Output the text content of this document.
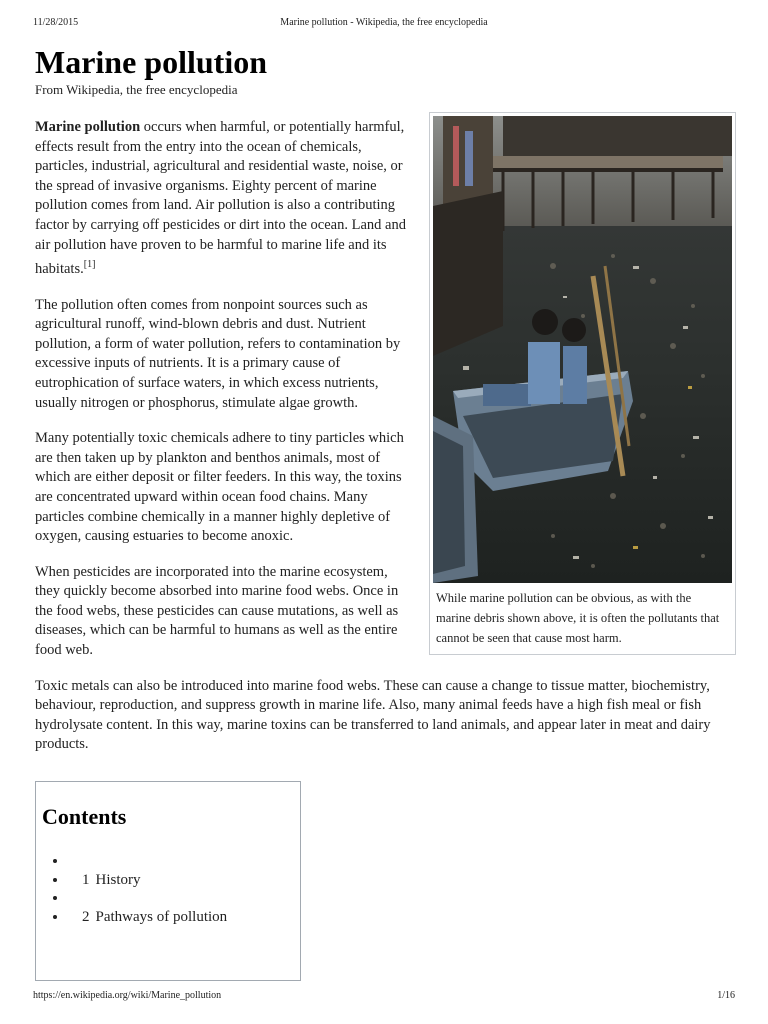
11/28/2015	Marine pollution - Wikipedia, the free encyclopedia
Marine pollution
From Wikipedia, the free encyclopedia
While marine pollution can be obvious, as with the marine debris shown above, it is often the pollutants that cannot be seen that cause most harm.

Marine pollution occurs when harmful, or potentially harmful, effects result from the entry into the ocean of chemicals, particles, industrial, agricultural and residential waste, noise, or the spread of invasive organisms. Eighty percent of marine pollution comes from land. Air pollution is also a contributing factor by carrying off pesticides or dirt into the ocean. Land and air pollution have proven to be harmful to marine life and its habitats.[1]

The pollution often comes from nonpoint sources such as agricultural runoff, wind-blown debris and dust. Nutrient pollution, a form of water pollution, refers to contamination by excessive inputs of nutrients. It is a primary cause of eutrophication of surface waters, in which excess nutrients, usually nitrogen or phosphorus, stimulate algae growth.

Many potentially toxic chemicals adhere to tiny particles which are then taken up by plankton and benthos animals, most of which are either deposit or filter feeders. In this way, the toxins are concentrated upward within ocean food chains. Many particles combine chemically in a manner highly depletive of oxygen, causing estuaries to become anoxic.

When pesticides are incorporated into the marine ecosystem, they quickly become absorbed into marine food webs. Once in the food webs, these pesticides can cause mutations, as well as diseases, which can be harmful to humans as well as the entire food web.

Toxic metals can also be introduced into marine food webs. These can cause a change to tissue matter, biochemistry, behaviour, reproduction, and suppress growth in marine life. Also, many animal feeds have a high fish meal or fish hydrolysate content. In this way, marine toxins can be transferred to land animals, and appear later in meat and dairy products.

Contents
•
• 1 History
•
• 2 Pathways of pollution
https://en.wikipedia.org/wiki/Marine_pollution	1/16
